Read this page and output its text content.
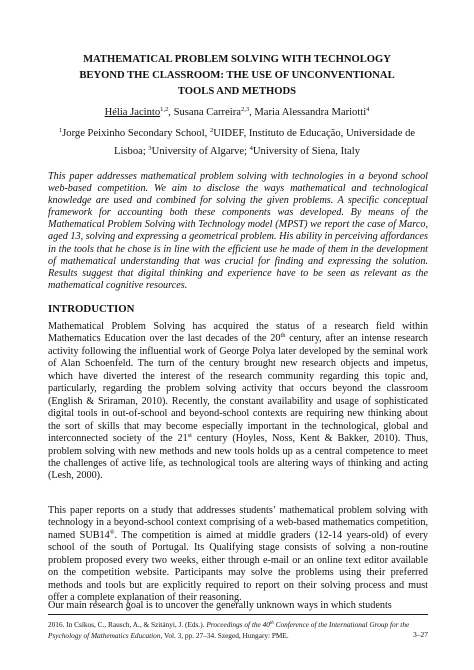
MATHEMATICAL PROBLEM SOLVING WITH TECHNOLOGY
BEYOND THE CLASSROOM: THE USE OF UNCONVENTIONAL
TOOLS AND METHODS
Hélia Jacinto$^{1,2}$, Susana Carreira$^{2,3}$, Maria Alessandra Mariotti$^4$
$^1$Jorge Peixinho Secondary School, $^2$UIDEF, Instituto de Educação, Universidade de
Lisboa; $^3$University of Algarve; $^4$University of Siena, Italy
This paper addresses mathematical problem solving with technologies in a beyond school web-based competition. We aim to disclose the ways mathematical and technological knowledge are used and combined for solving the given problems. A specific conceptual framework for accounting both these components was developed. By means of the Mathematical Problem Solving with Technology model (MPST) we report the case of Marco, aged 13, solving and expressing a geometrical problem. His ability in perceiving affordances in the tools that he chose is in line with the efficient use he made of them in the development of mathematical understanding that was crucial for finding and expressing the solution. Results suggest that digital thinking and experience have to be seen as relevant as the mathematical cognitive resources.
INTRODUCTION
Mathematical Problem Solving has acquired the status of a research field within Mathematics Education over the last decades of the 20th century, after an intense research activity following the influential work of George Polya later developed by the seminal work of Alan Schoenfeld. The turn of the century brought new research objects and impetus, which have diverted the interest of the research community regarding this topic and, particularly, regarding the problem solving activity that occurs beyond the classroom (English & Sriraman, 2010). Recently, the constant availability and usage of sophisticated digital tools in out-of-school and beyond-school contexts are requiring new thinking about the sort of skills that may become especially important in the technological, global and interconnected society of the 21st century (Hoyles, Noss, Kent & Bakker, 2010). Thus, problem solving with new methods and new tools holds up as a central competence to meet the challenges of active life, as technological tools are altering ways of thinking and acting (Lesh, 2000).
This paper reports on a study that addresses students’ mathematical problem solving with technology in a beyond-school context comprising of a web-based mathematics competition, named SUB14®. The competition is aimed at middle graders (12-14 years-old) of every school of the south of Portugal. Its Qualifying stage consists of solving a non-routine problem proposed every two weeks, either through e-mail or an online text editor available on the competition website. Participants may solve the problems using their preferred methods and tools but are explicitly required to report on their solving process and must offer a complete explanation of their reasoning.
Our main research goal is to uncover the generally unknown ways in which students
2016. In Csíkos, C., Rausch, A., & Szitányi, J. (Eds.). Proceedings of the 40th Conference of the International Group for the Psychology of Mathematics Education, Vol. 3, pp. 27–34. Szeged, Hungary: PME.	3–27
